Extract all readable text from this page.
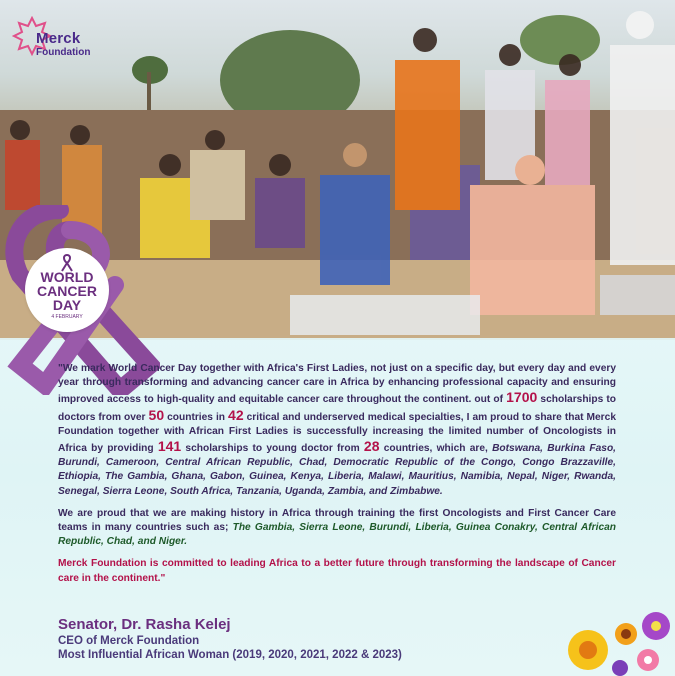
Merck
Foundation
WORLD
CANCER
DAY
4 FEBRUARY

"We mark World Cancer Day together with Africa's First Ladies, not just on a specific day, but every day and every year through transforming and advancing cancer care in Africa by enhancing professional capacity and ensuring improved access to high-quality and equitable cancer care throughout the continent. out of 1700 scholarships to doctors from over 50 countries in 42 critical and underserved medical specialties, I am proud to share that Merck Foundation together with African First Ladies is successfully increasing the limited number of Oncologists in Africa by providing 141 scholarships to young doctor from 28 countries, which are, Botswana, Burkina Faso, Burundi, Cameroon, Central African Republic, Chad, Democratic Republic of the Congo, Congo Brazzaville, Ethiopia, The Gambia, Ghana, Gabon, Guinea, Kenya, Liberia, Malawi, Mauritius, Namibia, Nepal, Niger, Rwanda, Senegal, Sierra Leone, South Africa, Tanzania, Uganda, Zambia, and Zimbabwe.

We are proud that we are making history in Africa through training the first Oncologists and First Cancer Care teams in many countries such as; The Gambia, Sierra Leone, Burundi, Liberia, Guinea Conakry, Central African Republic, Chad, and Niger.

Merck Foundation is committed to leading Africa to a better future through transforming the landscape of Cancer care in the continent."

Senator, Dr. Rasha Kelej
CEO of Merck Foundation
Most Influential African Woman (2019, 2020, 2021, 2022 & 2023)
